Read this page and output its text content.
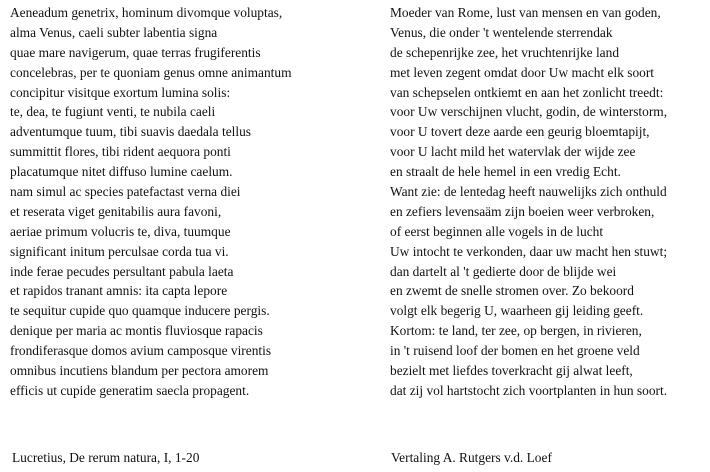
Aeneadum genetrix, hominum divomque voluptas,
alma Venus, caeli subter labentia signa
quae mare navigerum, quae terras frugiferentis
concelebras, per te quoniam genus omne animantum
concipitur visitque exortum lumina solis:
te, dea, te fugiunt venti, te nubila caeli
adventumque tuum, tibi suavis daedala tellus
summittit flores, tibi rident aequora ponti
placatumque nitet diffuso lumine caelum.
nam simul ac species patefactast verna diei
et reserata viget genitabilis aura favoni,
aeriae primum volucris te, diva, tuumque
significant initum perculsae corda tua vi.
inde ferae pecudes persultant pabula laeta
et rapidos tranant amnis: ita capta lepore
te sequitur cupide quo quamque inducere pergis.
denique per maria ac montis fluviosque rapacis
frondiferasque domos avium camposque virentis
omnibus incutiens blandum per pectora amorem
efficis ut cupide generatim saecla propagent.
Lucretius, De rerum natura, I, 1-20
Moeder van Rome, lust van mensen en van goden,
Venus, die onder 't wentelende sterrendak
de schepenrijke zee, het vruchtenrijke land
met leven zegent omdat door Uw macht elk soort
van schepselen ontkiemt en aan het zonlicht treedt:
voor Uw verschijnen vlucht, godin, de winterstorm,
voor U tovert deze aarde een geurig bloemtapijt,
voor U lacht mild het watervlak der wijde zee
en straalt de hele hemel in een vredig Echt.
Want zie: de lentedag heeft nauwelijks zich onthuld
en zefiers levensaäm zijn boeien weer verbroken,
of eerst beginnen alle vogels in de lucht
Uw intocht te verkonden, daar uw macht hen stuwt;
dan dartelt al 't gedierte door de blijde wei
en zwemt de snelle stromen over. Zo bekoord
volgt elk begerig U, waarheen gij leiding geeft.
Kortom: te land, ter zee, op bergen, in rivieren,
in 't ruisend loof der bomen en het groene veld
bezielt met liefdes toverkracht gij alwat leeft,
dat zij vol hartstocht zich voortplanten in hun soort.
Vertaling A. Rutgers v.d. Loef
